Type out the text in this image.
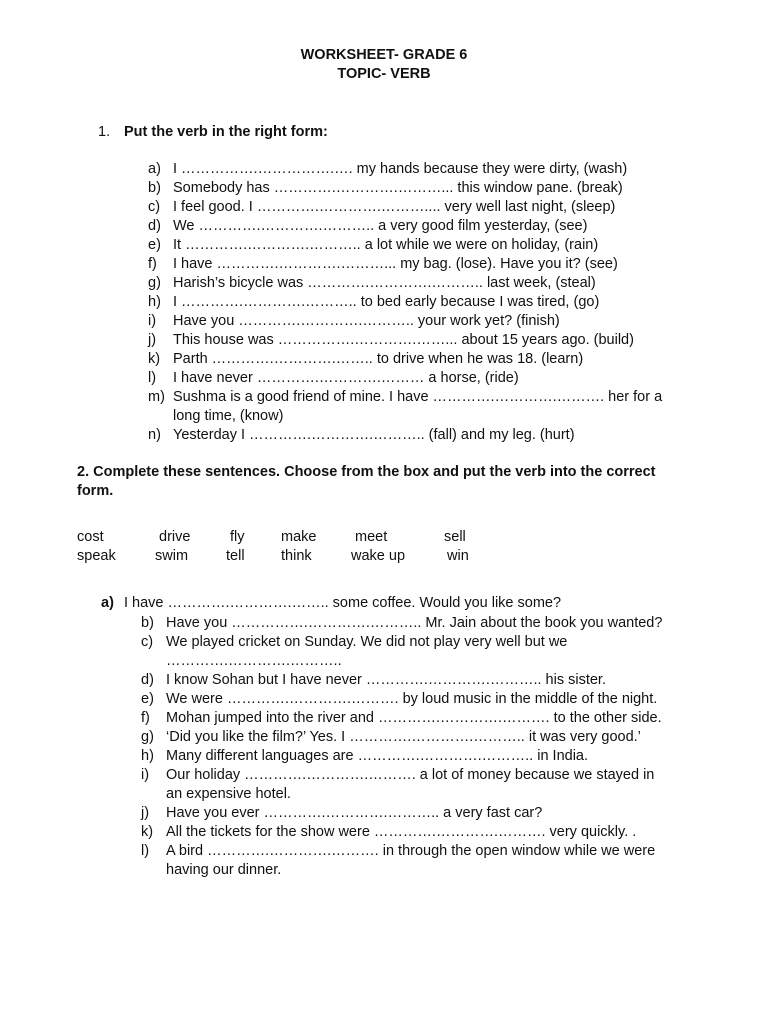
WORKSHEET- GRADE 6
TOPIC- VERB
1. Put the verb in the right form:
a) I …………….…………….…. my hands because they were dirty, (wash)
b) Somebody has ………….………….………... this window pane. (break)
c) I feel good. I ………….………….……….... very well last night, (sleep)
d) We ………….………….……….. a very good film yesterday, (see)
e) It ………….………….……….. a lot while we were on holiday, (rain)
f) I have ………….………….………... my bag. (lose). Have you it? (see)
g) Harish’s bicycle was ………….………….……….. last week, (steal)
h) I ………….………….……….. to bed early because I was tired, (go)
i) Have you ………….………….……….. your work yet? (finish)
j) This house was …………….………….……... about 15 years ago. (build)
k) Parth ………….………….…….. to drive when he was 18. (learn)
l) I have never ………….………….……… a horse, (ride)
m) Sushma is a good friend of mine. I have ………….………….………. her for a long time, (know)
n) Yesterday I ………….………….……….. (fall) and my leg. (hurt)
2. Complete these sentences. Choose from the box and put the verb into the correct form.
cost	drive	fly	make	meet	sell
speak	swim	tell	think	wake up	win
a) I have ………….………….…….. some coffee. Would you like some?
b) Have you …………….………….……….. Mr. Jain about the book you wanted?
c) We played cricket on Sunday. We did not play very well but we ………….………….………..
d) I know Sohan but I have never ………….………….……….. his sister.
e) We were ………….………….………. by loud music in the middle of the night.
f) Mohan jumped into the river and ………….………….………. to the other side.
g) ‘Did you like the film?’ Yes. I ………….………….……….. it was very good.’
h) Many different languages are ………….………….……….. in India.
i) Our holiday ………….………….………. a lot of money because we stayed in an expensive hotel.
j) Have you ever ………….………….……….. a very fast car?
k) All the tickets for the show were ………….………….………. very quickly. .
l) A bird ………….………….………. in through the open window while we were having our dinner.
